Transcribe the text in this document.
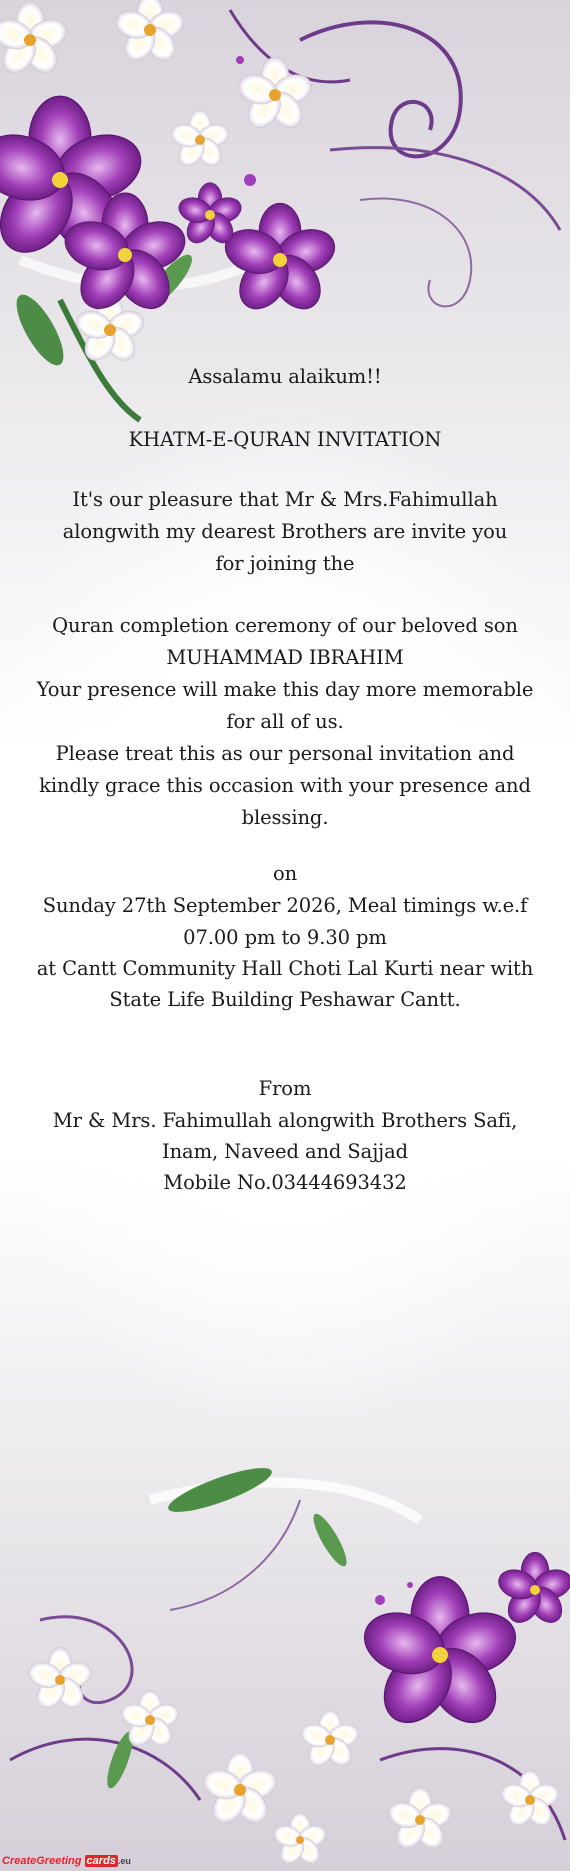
Assalamu alaikum!!
KHATM-E-QURAN INVITATION
It's our pleasure that Mr & Mrs.Fahimullah
alongwith my dearest Brothers are invite you
for joining the
Quran completion ceremony of our beloved son
MUHAMMAD IBRAHIM
Your presence will make this day more memorable
for all of us.
Please treat this as our personal invitation and
kindly grace this occasion with your presence and
blessing.
on
Sunday 27th September 2026, Meal timings w.e.f
07.00 pm to 9.30 pm
at Cantt Community Hall Choti Lal Kurti near with
State Life Building Peshawar Cantt.
From
Mr & Mrs. Fahimullah alongwith Brothers Safi,
Inam, Naveed and Sajjad
Mobile No.03444693432
CreateGreeting cards .eu
